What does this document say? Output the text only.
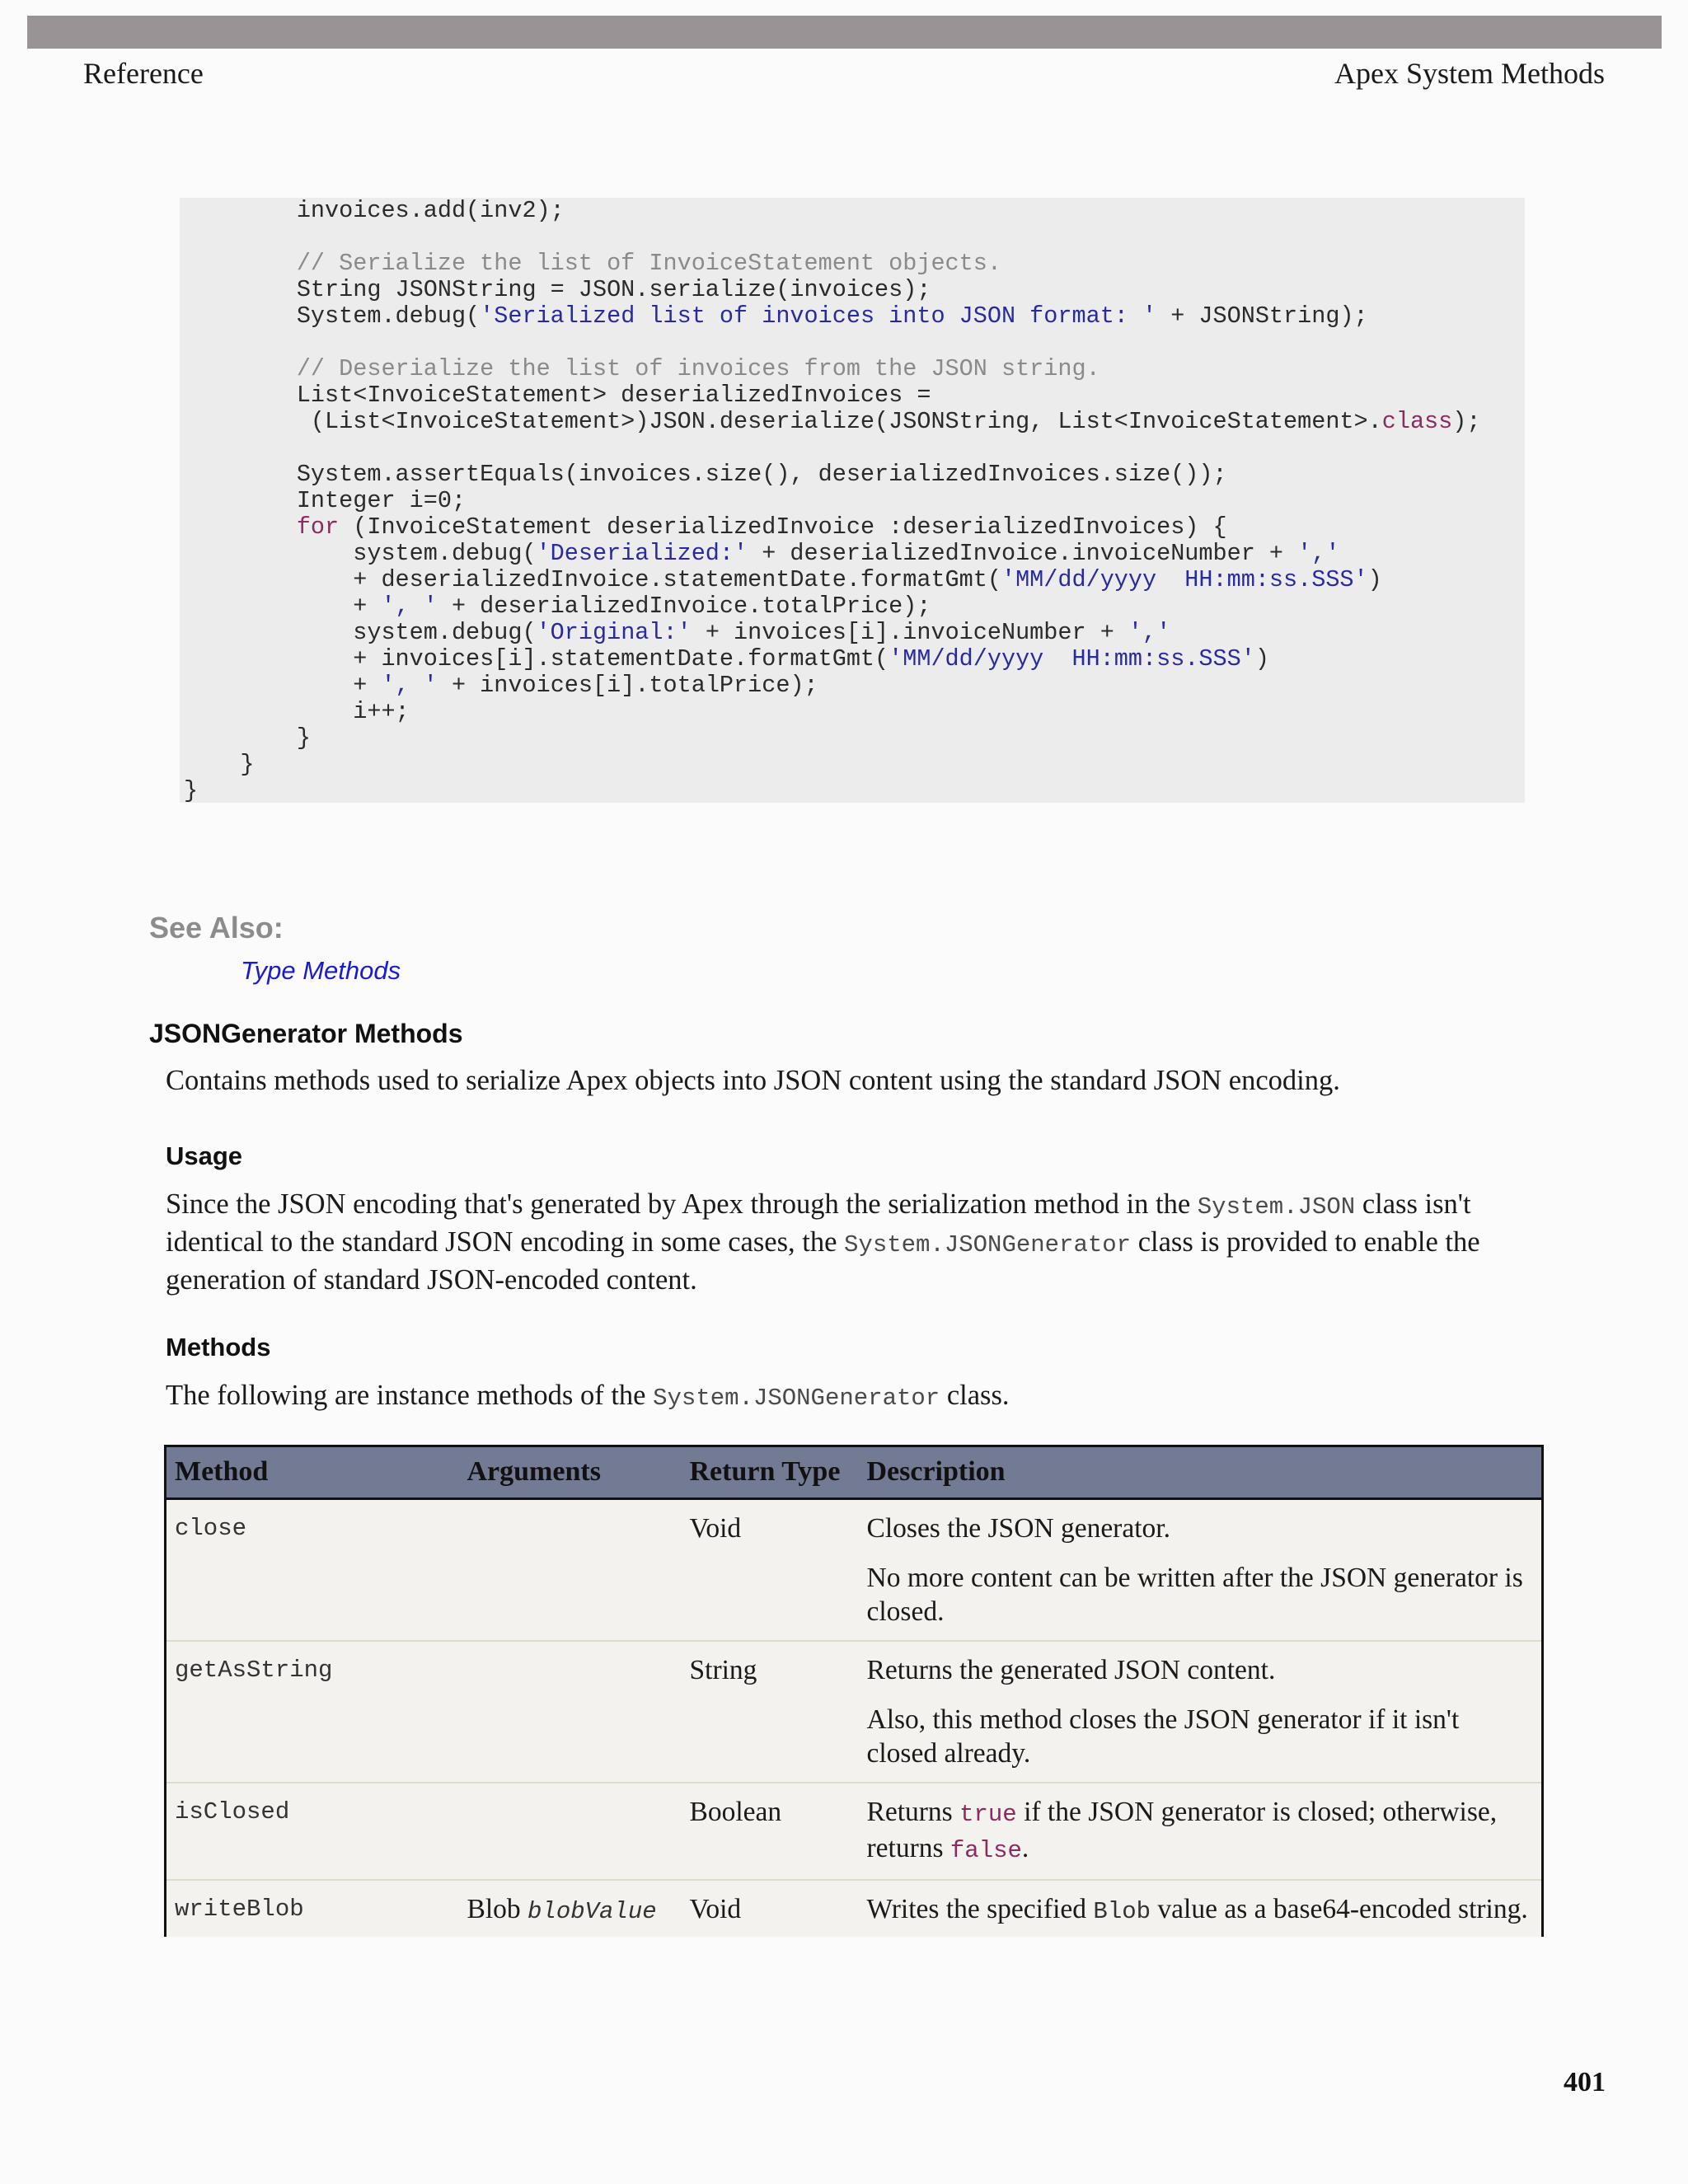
Reference	Apex System Methods
invoices.add(inv2);

// Serialize the list of InvoiceStatement objects.
String JSONString = JSON.serialize(invoices);
System.debug('Serialized list of invoices into JSON format: ' + JSONString);

// Deserialize the list of invoices from the JSON string.
List<InvoiceStatement> deserializedInvoices =
(List<InvoiceStatement>)JSON.deserialize(JSONString, List<InvoiceStatement>.class);

System.assertEquals(invoices.size(), deserializedInvoices.size());
Integer i=0;
for (InvoiceStatement deserializedInvoice :deserializedInvoices) {
system.debug('Deserialized:' + deserializedInvoice.invoiceNumber + ','
+ deserializedInvoice.statementDate.formatGmt('MM/dd/yyyy  HH:mm:ss.SSS')
+ ', ' + deserializedInvoice.totalPrice);
system.debug('Original:' + invoices[i].invoiceNumber + ','
+ invoices[i].statementDate.formatGmt('MM/dd/yyyy  HH:mm:ss.SSS')
+ ', ' + invoices[i].totalPrice);
i++;
}
}
}
See Also:
Type Methods
JSONGenerator Methods
Contains methods used to serialize Apex objects into JSON content using the standard JSON encoding.
Usage
Since the JSON encoding that's generated by Apex through the serialization method in the System.JSON class isn't identical to the standard JSON encoding in some cases, the System.JSONGenerator class is provided to enable the generation of standard JSON-encoded content.
Methods
The following are instance methods of the System.JSONGenerator class.
Method	Arguments	Return Type	Description
close		Void	Closes the JSON generator.

No more content can be written after the JSON generator is closed.

getAsString		String	Returns the generated JSON content.

Also, this method closes the JSON generator if it isn't closed already.

isClosed		Boolean	Returns true if the JSON generator is closed; otherwise, returns false.
writeBlob	Blob blobValue	Void	Writes the specified Blob value as a base64-encoded string.
401
